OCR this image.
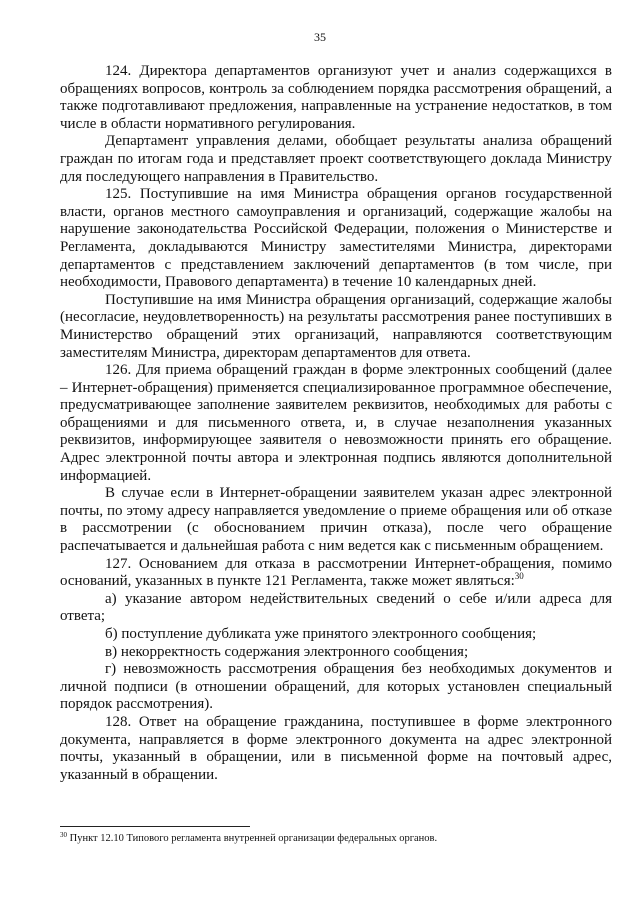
35

124. Директора департаментов организуют учет и анализ содержащихся в обращениях вопросов, контроль за соблюдением порядка рассмотрения обращений, а также подготавливают предложения, направленные на устранение недостатков, в том числе в области нормативного регулирования.

Департамент управления делами, обобщает результаты анализа обращений граждан по итогам года и представляет проект соответствующего доклада Министру для последующего направления в Правительство.

125. Поступившие на имя Министра обращения органов государственной власти, органов местного самоуправления и организаций, содержащие жалобы на нарушение законодательства Российской Федерации, положения о Министерстве и Регламента, докладываются Министру заместителями Министра, директорами департаментов с представлением заключений департаментов (в том числе, при необходимости, Правового департамента) в течение 10 календарных дней.

Поступившие на имя Министра обращения организаций, содержащие жалобы (несогласие, неудовлетворенность) на результаты рассмотрения ранее поступивших в Министерство обращений этих организаций, направляются соответствующим заместителям Министра, директорам департаментов для ответа.

126. Для приема обращений граждан в форме электронных сообщений (далее – Интернет-обращения) применяется специализированное программное обеспечение, предусматривающее заполнение заявителем реквизитов, необходимых для работы с обращениями и для письменного ответа, и, в случае незаполнения указанных реквизитов, информирующее заявителя о невозможности принять его обращение. Адрес электронной почты автора и электронная подпись являются дополнительной информацией.

В случае если в Интернет-обращении заявителем указан адрес электронной почты, по этому адресу направляется уведомление о приеме обращения или об отказе в рассмотрении (с обоснованием причин отказа), после чего обращение распечатывается и дальнейшая работа с ним ведется как с письменным обращением.

127. Основанием для отказа в рассмотрении Интернет-обращения, помимо оснований, указанных в пункте 121 Регламента, также может являться:$^{30}$

а) указание автором недействительных сведений о себе и/или адреса для ответа;

б) поступление дубликата уже принятого электронного сообщения;

в) некорректность содержания электронного сообщения;

г) невозможность рассмотрения обращения без необходимых документов и личной подписи (в отношении обращений, для которых установлен специальный порядок рассмотрения).

128. Ответ на обращение гражданина, поступившее в форме электронного документа, направляется в форме электронного документа на адрес электронной почты, указанный в обращении, или в письменной форме на почтовый адрес, указанный в обращении.

$^{30}$ Пункт 12.10 Типового регламента внутренней организации федеральных органов.
